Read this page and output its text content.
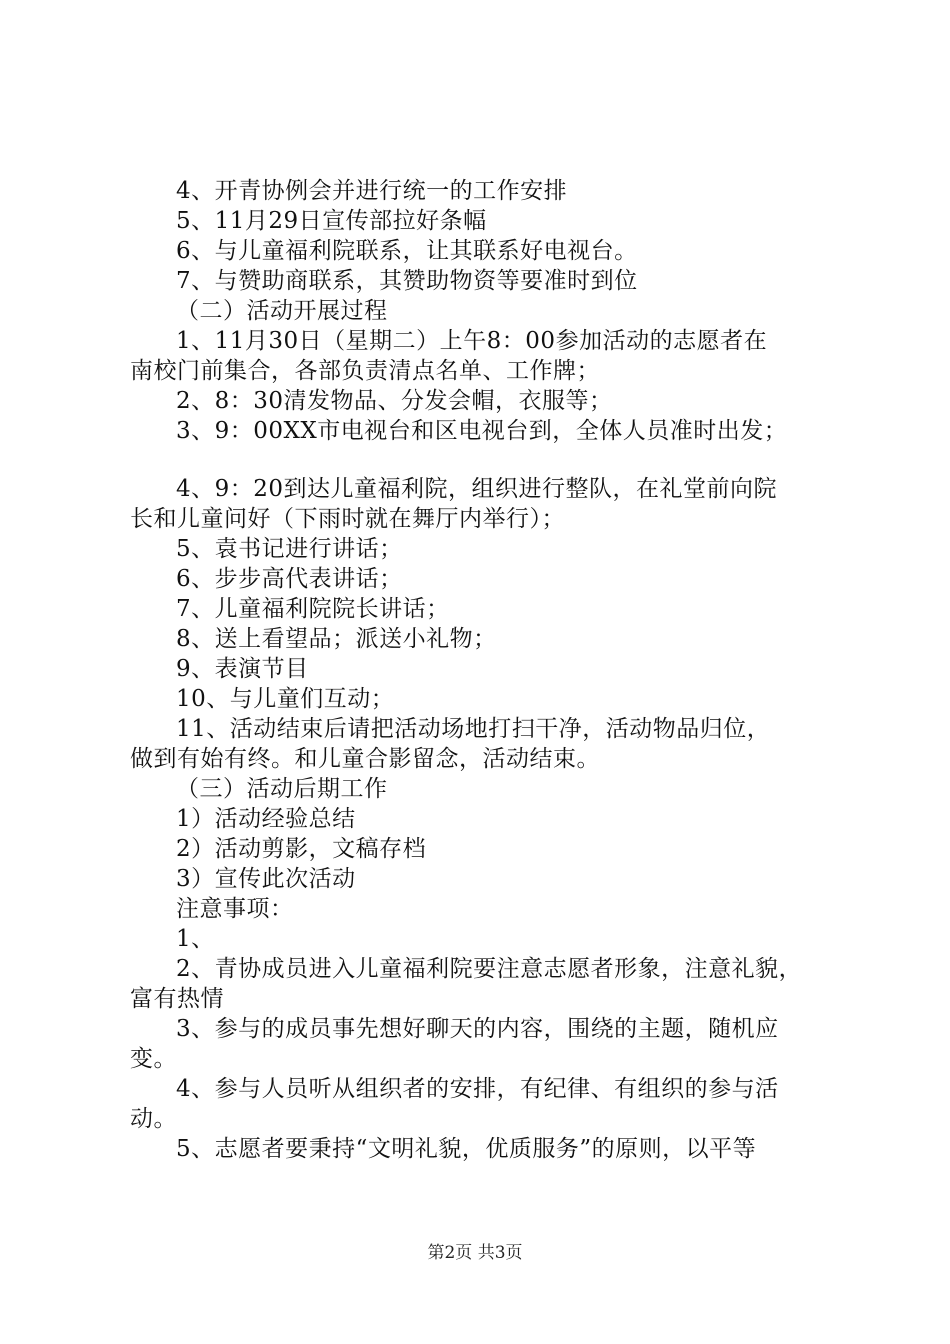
4、开青协例会并进行统一的工作安排
5、11月29日宣传部拉好条幅
6、与儿童福利院联系，让其联系好电视台。
7、与赞助商联系，其赞助物资等要准时到位
（二）活动开展过程
1、11月30日（星期二）上午8：00参加活动的志愿者在
南校门前集合，各部负责清点名单、工作牌；
2、8：30清发物品、分发会帽，衣服等；
3、9：00XX市电视台和区电视台到，全体人员准时出发；
4、9：20到达儿童福利院，组织进行整队，在礼堂前向院
长和儿童问好（下雨时就在舞厅内举行）；
5、袁书记进行讲话；
6、步步高代表讲话；
7、儿童福利院院长讲话；
8、送上看望品；派送小礼物；
9、表演节目
10、与儿童们互动；
11、活动结束后请把活动场地打扫干净，活动物品归位，
做到有始有终。和儿童合影留念，活动结束。
（三）活动后期工作
1）活动经验总结
2）活动剪影，文稿存档
3）宣传此次活动
注意事项：
1、
2、青协成员进入儿童福利院要注意志愿者形象，注意礼貌，
富有热情
3、参与的成员事先想好聊天的内容，围绕的主题，随机应
变。
4、参与人员听从组织者的安排，有纪律、有组织的参与活
动。
5、志愿者要秉持“文明礼貌，优质服务”的原则，以平等
第2页 共3页
